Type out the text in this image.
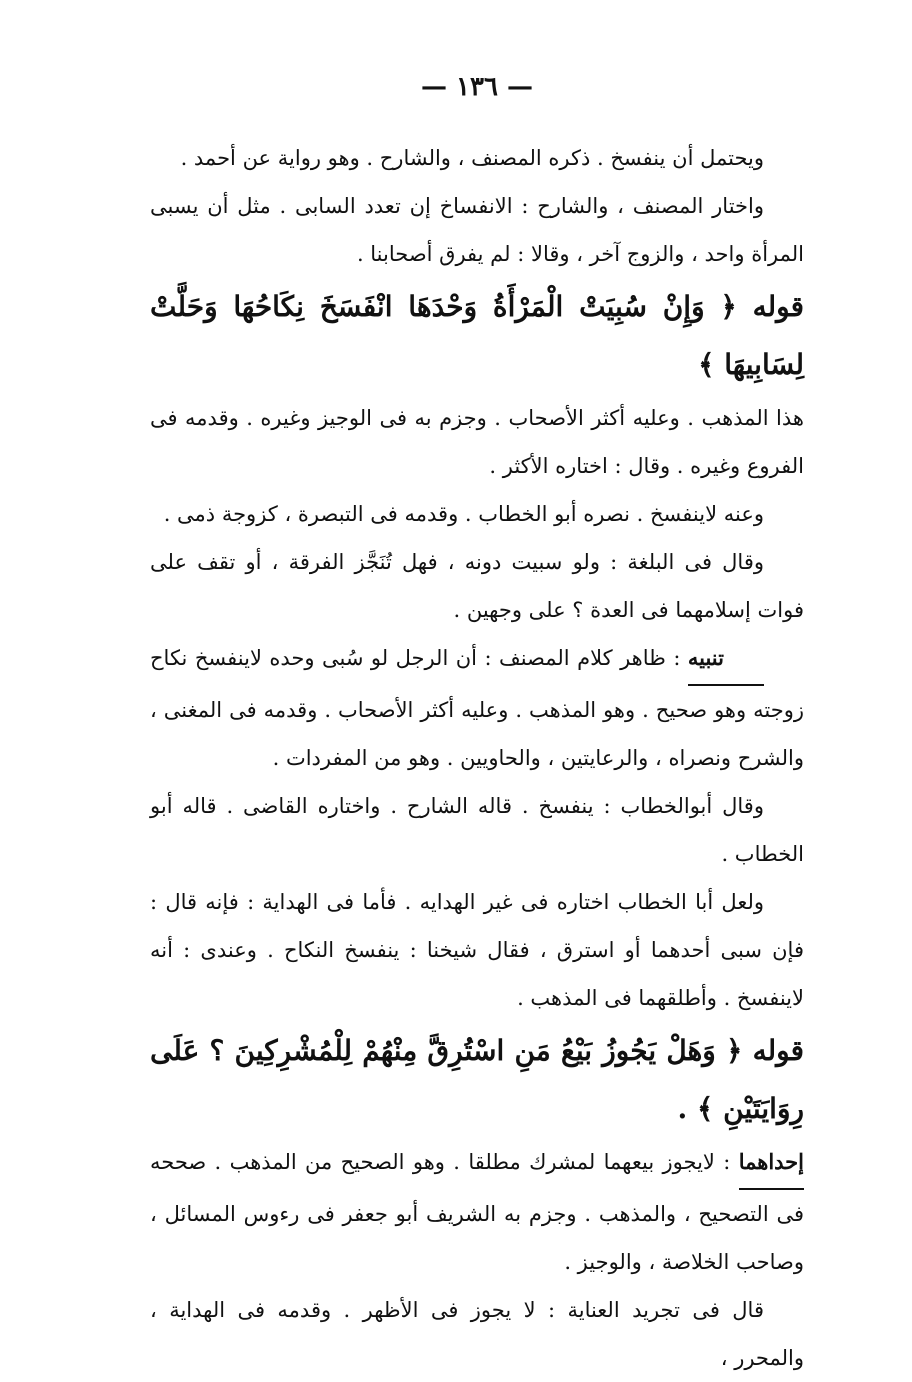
— ١٣٦ —

ويحتمل أن ينفسخ . ذكره المصنف ، والشارح . وهو رواية عن أحمد .

واختار المصنف ، والشارح : الانفساخ إن تعدد السابى . مثل أن يسبى المرأة واحد ، والزوج آخر ، وقالا : لم يفرق أصحابنا .

قوله ﴿ وَإِنْ سُبِيَتْ الْمَرْأَةُ وَحْدَهَا انْفَسَخَ نِكَاحُهَا وَحَلَّتْ لِسَابِيهَا ﴾

هذا المذهب . وعليه أكثر الأصحاب . وجزم به فى الوجيز وغيره . وقدمه فى الفروع وغيره . وقال : اختاره الأكثر .

وعنه لاينفسخ . نصره أبو الخطاب . وقدمه فى التبصرة ، كزوجة ذمى .

وقال فى البلغة : ولو سبيت دونه ، فهل تُنَجَّز الفرقة ، أو تقف على فوات إسلامهما فى العدة ؟ على وجهين .

تنبيه : ظاهر كلام المصنف : أن الرجل لو سُبى وحده لاينفسخ نكاح زوجته وهو صحيح . وهو المذهب . وعليه أكثر الأصحاب . وقدمه فى المغنى ، والشرح ونصراه ، والرعايتين ، والحاويين . وهو من المفردات .

وقال أبوالخطاب : ينفسخ . قاله الشارح . واختاره القاضى . قاله أبو الخطاب .

ولعل أبا الخطاب اختاره فى غير الهدايه . فأما فى الهداية : فإنه قال : فإن سبى أحدهما أو استرق ، فقال شيخنا : ينفسخ النكاح . وعندى : أنه لاينفسخ . وأطلقهما فى المذهب .

قوله ﴿ وَهَلْ يَجُوزُ بَيْعُ مَنِ اسْتُرِقَّ مِنْهُمْ لِلْمُشْرِكِينَ ؟ عَلَى رِوَايَتَيْنِ ﴾ .

إحداهما : لايجوز بيعهما لمشرك مطلقا . وهو الصحيح من المذهب . صححه فى التصحيح ، والمذهب . وجزم به الشريف أبو جعفر فى رءوس المسائل ، وصاحب الخلاصة ، والوجيز .

قال فى تجريد العناية : لا يجوز فى الأظهر . وقدمه فى الهداية ، والمحرر ،
